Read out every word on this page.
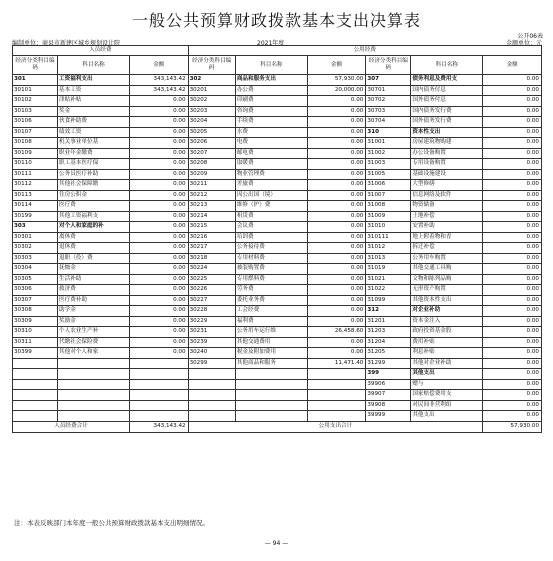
一般公共预算财政拨款基本支出决算表
公开06表
编制单位：商县市新建区城乡规划设计院	2021年度	金额单位：元
人员经费			公用经费					
经济分类科目编码	科目名称	金额	经济分类科目编码	科目名称	金额	经济分类科目编码	科目名称	金额
301	工资福利支出	343,143.42	302	商品和服务支出	57,930.00	307	债务利息及费用支	0.00
30101	基本工资	343,143.42	30201	办公费	20,000.00	30701	国内债务付息	0.00
30102	津贴补贴	0.00	30202	印刷费	0.00	30702	国外债务付息	0.00
30103	奖金	0.00	30203	咨询费	0.00	30703	国内债务发行费	0.00
30106	伙食补助费	0.00	30204	手续费	0.00	30704	国外债务发行费	0.00
30107	绩效工资	0.00	30205	水费	0.00	310	资本性支出	0.00
30108	机关事业单位基	0.00	30206	电费	0.00	31001	房屋建筑物购建	0.00
30109	职业年金缴费	0.00	30207	邮电费	0.00	31002	办公设备购置	0.00
30110	职工基本医疗保	0.00	30208	取暖费	0.00	31003	专用设备购置	0.00
30111	公务员医疗补助	0.00	30209	物业管理费	0.00	31005	基础设施建设	0.00
30112	其他社会保障缴	0.00	30211	差旅费	0.00	31006	大型修缮	0.00
30113	住房公积金	0.00	30212	因公出国（境）	0.00	31007	信息网络及软件	0.00
30114	医疗费	0.00	30213	维修（护）费	0.00	31008	物资储备	0.00
30199	其他工资福利支	0.00	30214	租赁费	0.00	31009	土地补偿	0.00
303	对个人和家庭的补	0.00	30215	会议费	0.00	31010	安置补助	0.00
30301	离休费	0.00	30216	培训费	0.00	310111	地上附着物和青	0.00
30302	退休费	0.00	30217	公务接待费	0.00	31012	拆迁补偿	0.00
30303	退职（役）费	0.00	30218	专用材料费	0.00	31013	公务用车购置	0.00
30304	抚恤金	0.00	30224	被装购置费	0.00	31019	其他交通工具购	0.00
30305	生活补助	0.00	30225	专用燃料费	0.00	31021	文物和陈列品购	0.00
30306	救济费	0.00	30226	劳务费	0.00	31022	无形资产购置	0.00
30307	医疗费补助	0.00	30227	委托业务费	0.00	31099	其他资本性支出	0.00
30308	助学金	0.00	30228	工会经费	0.00	312	对企业补助	0.00
30309	奖励金	0.00	30229	福利费	0.00	31201	资本金注入	0.00
30310	个人农业生产补	0.00	30231	公务用车运行维	26,458.60	31203	政府投资基金股	0.00
30311	代缴社会保险费	0.00	30239	其他交通费用	0.00	31204	费用补贴	0.00
30399	其他对个人和家	0.00	30240	税金及附加费用	0.00	31205	利息补贴	0.00
			30299	其他商品和服务	11,471.40	31299	其他对企业补助	0.00
						399	其他支出	0.00
						39906	赠与	0.00
						39907	国家赔偿费用支	0.00
						39908	对民间非营利组	0.00
						39999	其他支出	0.00
人员经费合计		343,143.42	公用支出合计					57,930.00
注：本表反映部门本年度一般公共预算财政拨款基本支出明细情况。
— 94 —
